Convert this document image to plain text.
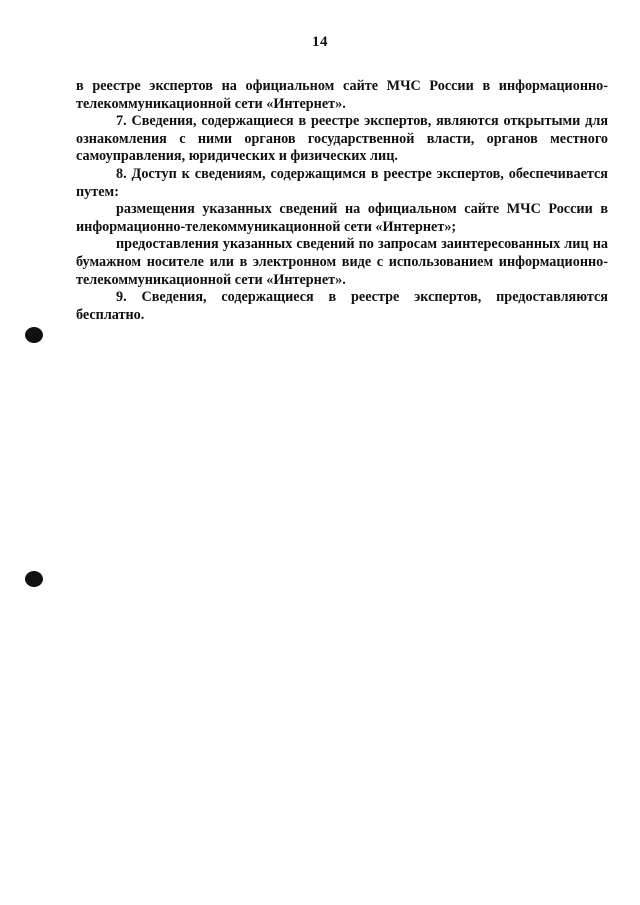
14

в реестре экспертов на официальном сайте МЧС России в информационно-телекоммуникационной сети «Интернет».

7. Сведения, содержащиеся в реестре экспертов, являются открытыми для ознакомления с ними органов государственной власти, органов местного самоуправления, юридических и физических лиц.

8. Доступ к сведениям, содержащимся в реестре экспертов, обеспечивается путем:

размещения указанных сведений на официальном сайте МЧС России в информационно-телекоммуникационной сети «Интернет»;

предоставления указанных сведений по запросам заинтересованных лиц на бумажном носителе или в электронном виде с использованием информационно-телекоммуникационной сети «Интернет».

9. Сведения, содержащиеся в реестре экспертов, предоставляются бесплатно.
